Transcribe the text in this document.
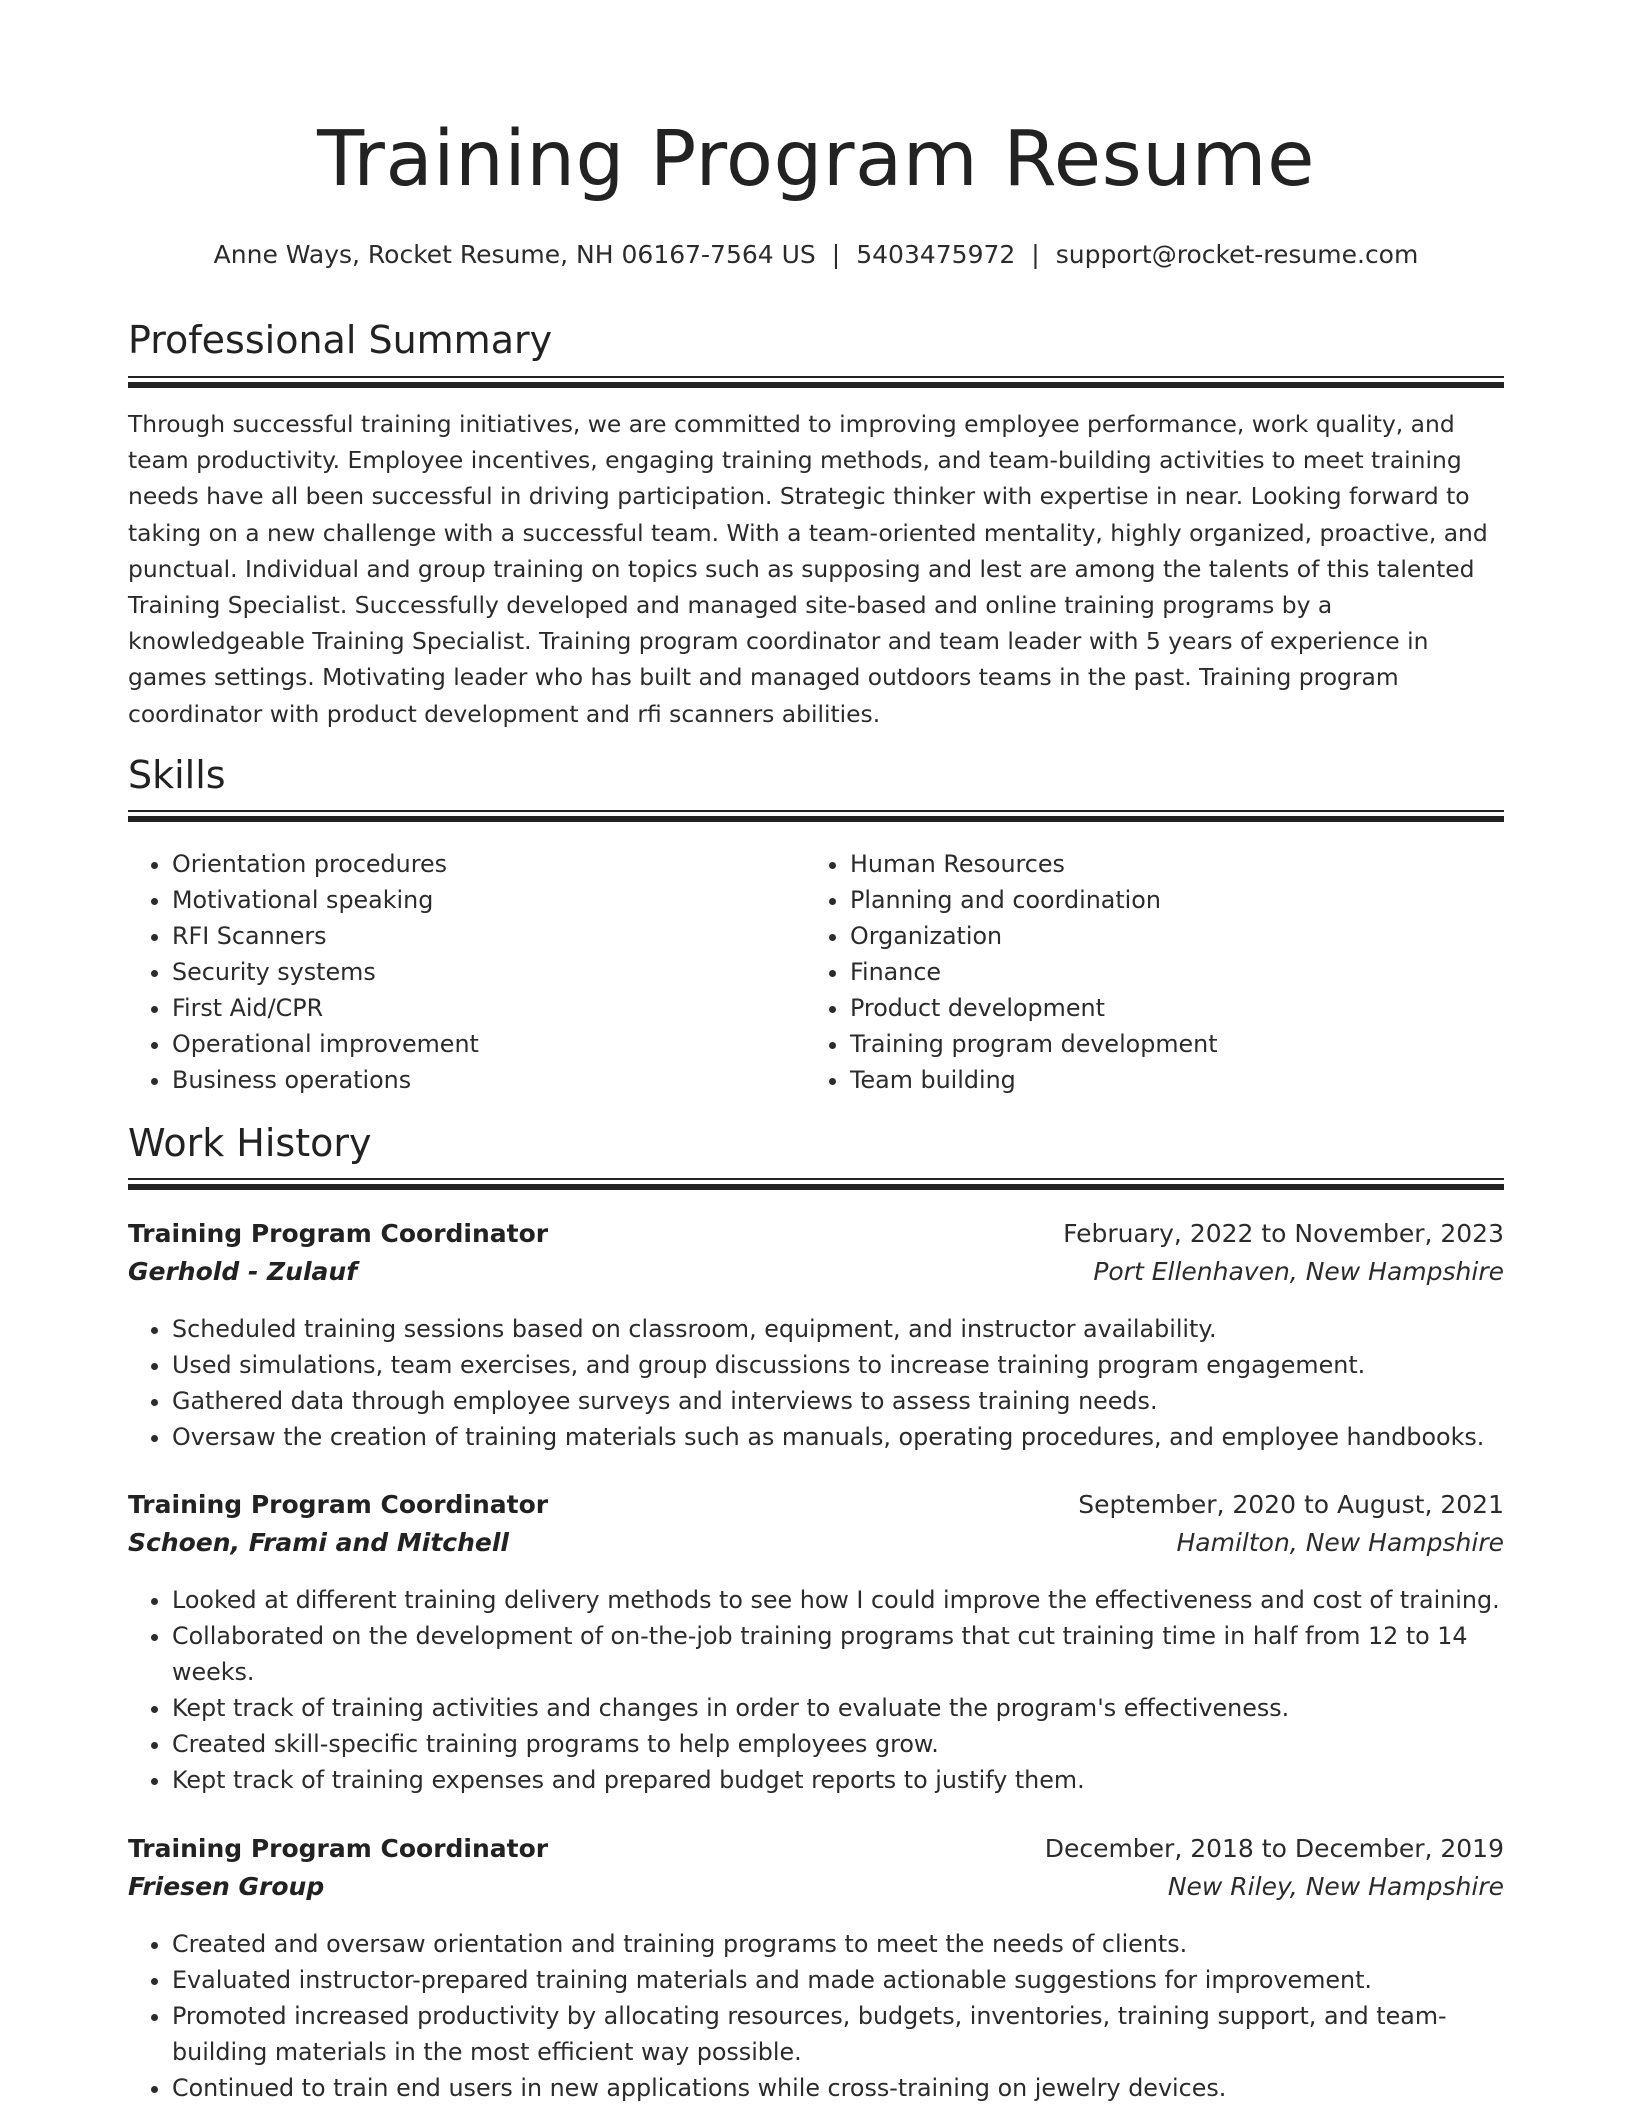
Training Program Resume
Anne Ways, Rocket Resume, NH 06167-7564 US | 5403475972 | support@rocket-resume.com
Professional Summary

Through successful training initiatives, we are committed to improving employee performance, work quality, and team productivity. Employee incentives, engaging training methods, and team-building activities to meet training needs have all been successful in driving participation. Strategic thinker with expertise in near. Looking forward to taking on a new challenge with a successful team. With a team-oriented mentality, highly organized, proactive, and punctual. Individual and group training on topics such as supposing and lest are among the talents of this talented Training Specialist. Successfully developed and managed site-based and online training programs by a knowledgeable Training Specialist. Training program coordinator and team leader with 5 years of experience in games settings. Motivating leader who has built and managed outdoors teams in the past. Training program coordinator with product development and rfi scanners abilities.

Skills
• Orientation procedures
• Motivational speaking
• RFI Scanners
• Security systems
• First Aid/CPR
• Operational improvement
• Business operations
• Human Resources
• Planning and coordination
• Organization
• Finance
• Product development
• Training program development
• Team building
Work History
Training Program Coordinator	February, 2022 to November, 2023
Gerhold - Zulauf	Port Ellenhaven, New Hampshire
• Scheduled training sessions based on classroom, equipment, and instructor availability.
• Used simulations, team exercises, and group discussions to increase training program engagement.
• Gathered data through employee surveys and interviews to assess training needs.
• Oversaw the creation of training materials such as manuals, operating procedures, and employee handbooks.
Training Program Coordinator	September, 2020 to August, 2021
Schoen, Frami and Mitchell	Hamilton, New Hampshire
• Looked at different training delivery methods to see how I could improve the effectiveness and cost of training.
• Collaborated on the development of on-the-job training programs that cut training time in half from 12 to 14 weeks.
• Kept track of training activities and changes in order to evaluate the program's effectiveness.
• Created skill-specific training programs to help employees grow.
• Kept track of training expenses and prepared budget reports to justify them.
Training Program Coordinator	December, 2018 to December, 2019
Friesen Group	New Riley, New Hampshire
• Created and oversaw orientation and training programs to meet the needs of clients.
• Evaluated instructor-prepared training materials and made actionable suggestions for improvement.
• Promoted increased productivity by allocating resources, budgets, inventories, training support, and team-building materials in the most efficient way possible.
• Continued to train end users in new applications while cross-training on jewelry devices.
